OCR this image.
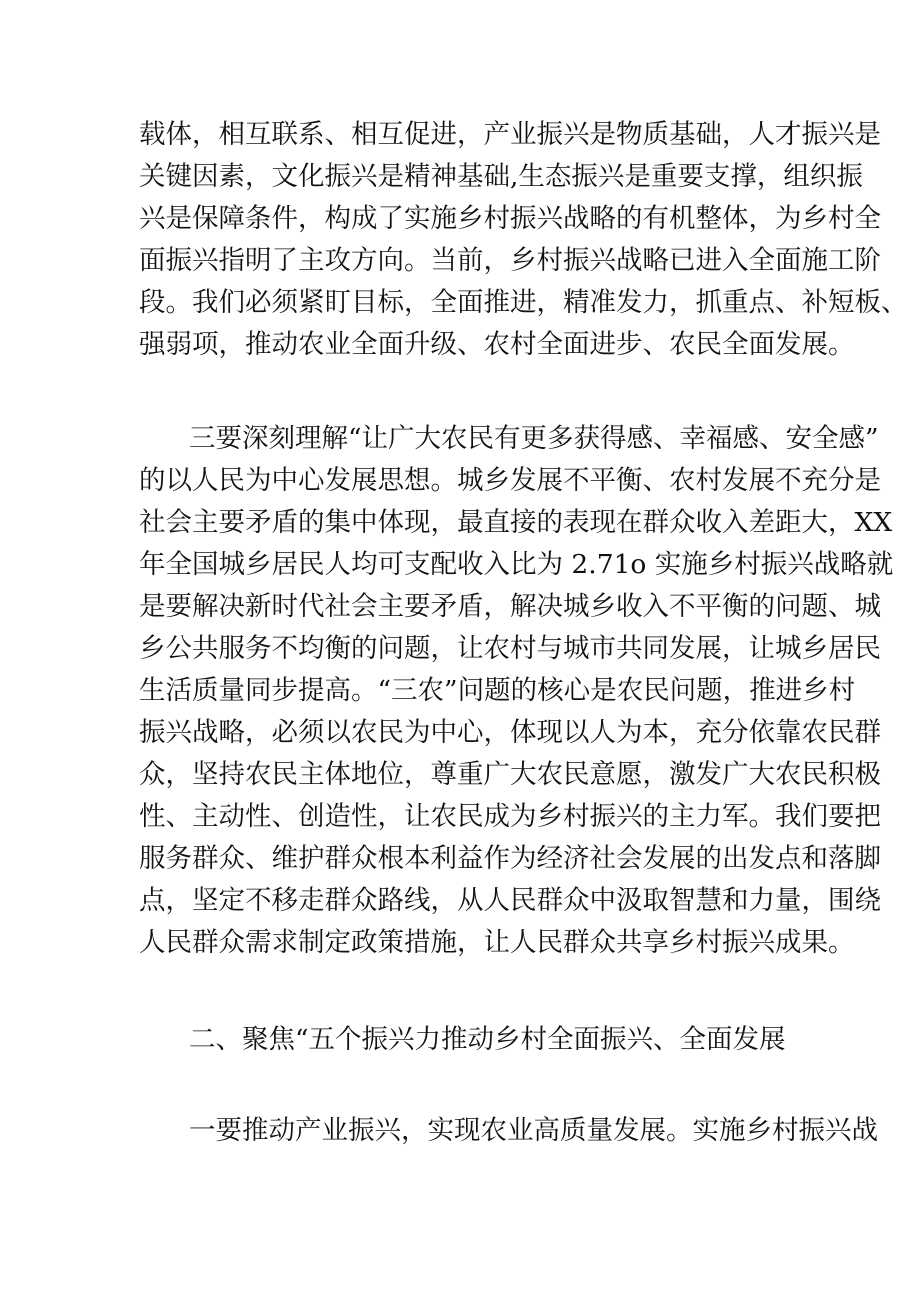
载体，相互联系、相互促进，产业振兴是物质基础，人才振兴是

关键因素，文化振兴是精神基础,生态振兴是重要支撑，组织振

兴是保障条件，构成了实施乡村振兴战略的有机整体，为乡村全

面振兴指明了主攻方向。当前，乡村振兴战略已进入全面施工阶

段。我们必须紧盯目标，全面推进，精准发力，抓重点、补短板、

强弱项，推动农业全面升级、农村全面进步、农民全面发展。

三要深刻理解“让广大农民有更多获得感、幸福感、安全感”

的以人民为中心发展思想。城乡发展不平衡、农村发展不充分是

社会主要矛盾的集中体现，最直接的表现在群众收入差距大，XX

年全国城乡居民人均可支配收入比为 2.71o 实施乡村振兴战略就

是要解决新时代社会主要矛盾，解决城乡收入不平衡的问题、城

乡公共服务不均衡的问题，让农村与城市共同发展，让城乡居民

生活质量同步提高。“三农”问题的核心是农民问题，推进乡村

振兴战略，必须以农民为中心，体现以人为本，充分依靠农民群

众，坚持农民主体地位，尊重广大农民意愿，激发广大农民积极

性、主动性、创造性，让农民成为乡村振兴的主力军。我们要把

服务群众、维护群众根本利益作为经济社会发展的出发点和落脚

点，坚定不移走群众路线，从人民群众中汲取智慧和力量，围绕

人民群众需求制定政策措施，让人民群众共享乡村振兴成果。

二、聚焦“五个振兴力推动乡村全面振兴、全面发展

一要推动产业振兴，实现农业高质量发展。实施乡村振兴战
